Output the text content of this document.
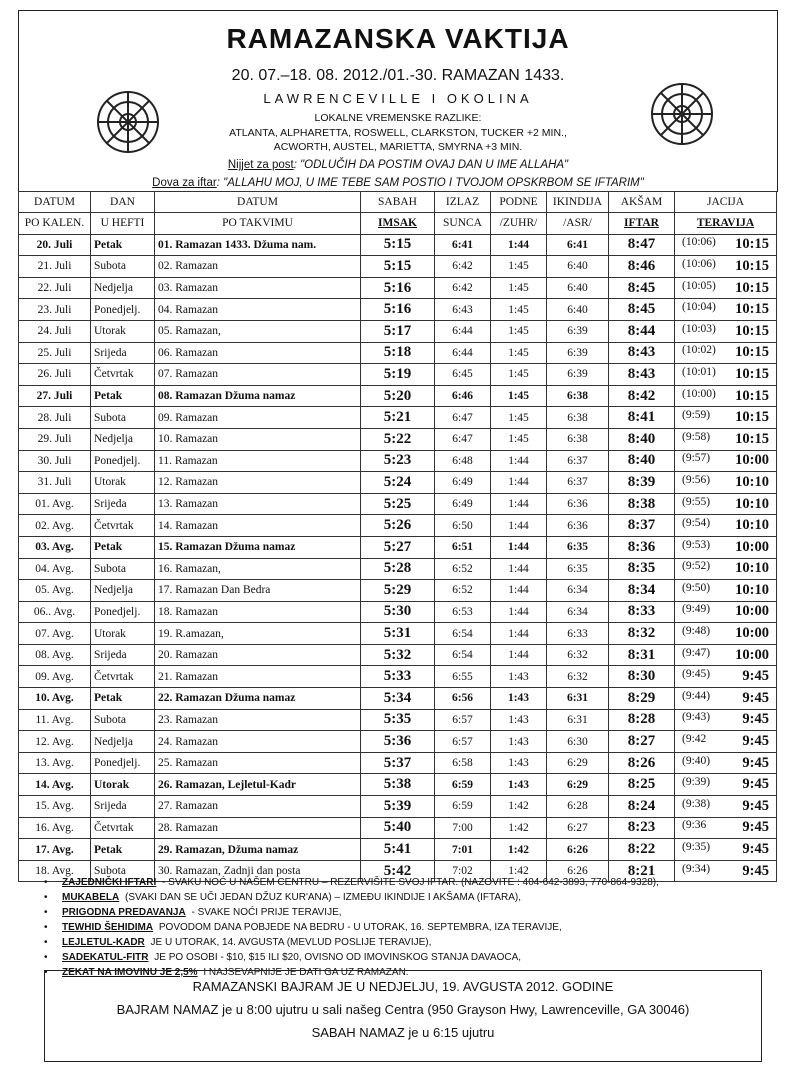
RAMAZANSKA VAKTIJA
20. 07.–18. 08. 2012./01.-30. RAMAZAN 1433.
LAWRENCEVILLE I OKOLINA
LOKALNE VREMENSKE RAZLIKE:
ATLANTA, ALPHARETTA, ROSWELL, CLARKSTON, TUCKER +2 MIN.,
ACWORTH, AUSTEL, MARIETTA, SMYRNA +3 MIN.
Nijjet za post: "ODLUČIH DA POSTIM OVAJ DAN U IME ALLAHA"
Dova za iftar: "ALLAHU MOJ, U IME TEBE SAM POSTIO I TVOJOM OPSKRBOM SE IFTARIM"
DATUM	DAN	DATUM	SABAH	IZLAZ	PODNE	IKINDIJA	AKŠAM	JACIJA
PO KALEN.	U HEFTI	PO TAKVIMU	IMSAK	SUNCA	/ZUHR/	/ASR/	IFTAR	TERAVIJA
20. Juli	Petak	01. Ramazan 1433. Džuma nam.	5:15	6:41	1:44	6:41	8:47	(10:06) 10:15

21. Juli	Subota	02. Ramazan	5:15	6:42	1:45	6:40	8:46	(10:06) 10:15

22. Juli	Nedjelja	03. Ramazan	5:16	6:42	1:45	6:40	8:45	(10:05) 10:15

23. Juli	Ponedjelj.	04. Ramazan	5:16	6:43	1:45	6:40	8:45	(10:04) 10:15

24. Juli	Utorak	05. Ramazan,	5:17	6:44	1:45	6:39	8:44	(10:03) 10:15

25. Juli	Srijeda	06. Ramazan	5:18	6:44	1:45	6:39	8:43	(10:02) 10:15

26. Juli	Četvrtak	07. Ramazan	5:19	6:45	1:45	6:39	8:43	(10:01) 10:15

27. Juli	Petak	08. Ramazan Džuma namaz	5:20	6:46	1:45	6:38	8:42	(10:00) 10:15

28. Juli	Subota	09. Ramazan	5:21	6:47	1:45	6:38	8:41	(9:59) 10:15

29. Juli	Nedjelja	10. Ramazan	5:22	6:47	1:45	6:38	8:40	(9:58) 10:15

30. Juli	Ponedjelj.	11. Ramazan	5:23	6:48	1:44	6:37	8:40	(9:57) 10:00

31. Juli	Utorak	12. Ramazan	5:24	6:49	1:44	6:37	8:39	(9:56) 10:10

01. Avg.	Srijeda	13. Ramazan	5:25	6:49	1:44	6:36	8:38	(9:55) 10:10

02. Avg.	Četvrtak	14. Ramazan	5:26	6:50	1:44	6:36	8:37	(9:54) 10:10

03. Avg.	Petak	15. Ramazan Džuma namaz	5:27	6:51	1:44	6:35	8:36	(9:53) 10:00

04. Avg.	Subota	16. Ramazan,	5:28	6:52	1:44	6:35	8:35	(9:52) 10:10

05. Avg.	Nedjelja	17. Ramazan Dan Bedra	5:29	6:52	1:44	6:34	8:34	(9:50) 10:10

06.. Avg.	Ponedjelj.	18. Ramazan	5:30	6:53	1:44	6:34	8:33	(9:49) 10:00

07. Avg.	Utorak	19. R.amazan,	5:31	6:54	1:44	6:33	8:32	(9:48) 10:00

08. Avg.	Srijeda	20. Ramazan	5:32	6:54	1:44	6:32	8:31	(9:47) 10:00

09. Avg.	Četvrtak	21. Ramazan	5:33	6:55	1:43	6:32	8:30	(9:45) 9:45

10. Avg.	Petak	22. Ramazan Džuma namaz	5:34	6:56	1:43	6:31	8:29	(9:44) 9:45

11. Avg.	Subota	23. Ramazan	5:35	6:57	1:43	6:31	8:28	(9:43) 9:45

12. Avg.	Nedjelja	24. Ramazan	5:36	6:57	1:43	6:30	8:27	(9:42 9:45

13. Avg.	Ponedjelj.	25. Ramazan	5:37	6:58	1:43	6:29	8:26	(9:40) 9:45

14. Avg.	Utorak	26. Ramazan, Lejletul-Kadr	5:38	6:59	1:43	6:29	8:25	(9:39) 9:45

15. Avg.	Srijeda	27. Ramazan	5:39	6:59	1:42	6:28	8:24	(9:38) 9:45

16. Avg.	Četvrtak	28. Ramazan	5:40	7:00	1:42	6:27	8:23	(9:36 9:45

17. Avg.	Petak	29. Ramazan, Džuma namaz	5:41	7:01	1:42	6:26	8:22	(9:35) 9:45

18. Avg.	Subota	30. Ramazan, Zadnji dan posta	5:42	7:02	1:42	6:26	8:21	(9:34) 9:45
•	ZAJEDNIČKI IFTARI - SVAKU NOĆ U NAŠEM CENTRU – REZERVIŠITE SVOJ IFTAR. (NAZOVITE : 404-642-3893, 770-864-9328),
•	MUKABELA (SVAKI DAN SE UČI JEDAN DŽUZ KUR'ANA) – IZMEĐU IKINDIJE I AKŠAMA (IFTARA),
•	PRIGODNA PREDAVANJA - SVAKE NOĆI PRIJE TERAVIJE,
•	TEWHID ŠEHIDIMA POVODOM DANA POBJEDE NA BEDRU - U UTORAK, 16. SEPTEMBRA, IZA TERAVIJE,
•	LEJLETUL-KADR JE U UTORAK, 14. AVGUSTA (MEVLUD POSLIJE TERAVIJE),
•	SADEKATUL-FITR JE PO OSOBI - $10, $15 ILI $20, OVISNO OD IMOVINSKOG STANJA DAVAOCA,
•	ZEKAT NA IMOVINU JE 2,5% I NAJSEVAPNIJE JE DATI GA UZ RAMAZAN.
RAMAZANSKI BAJRAM JE U NEDJELJU, 19. AVGUSTA 2012. GODINE
BAJRAM NAMAZ je u 8:00 ujutru u sali našeg Centra (950 Grayson Hwy, Lawrenceville, GA 30046)
SABAH NAMAZ je u 6:15 ujutru
